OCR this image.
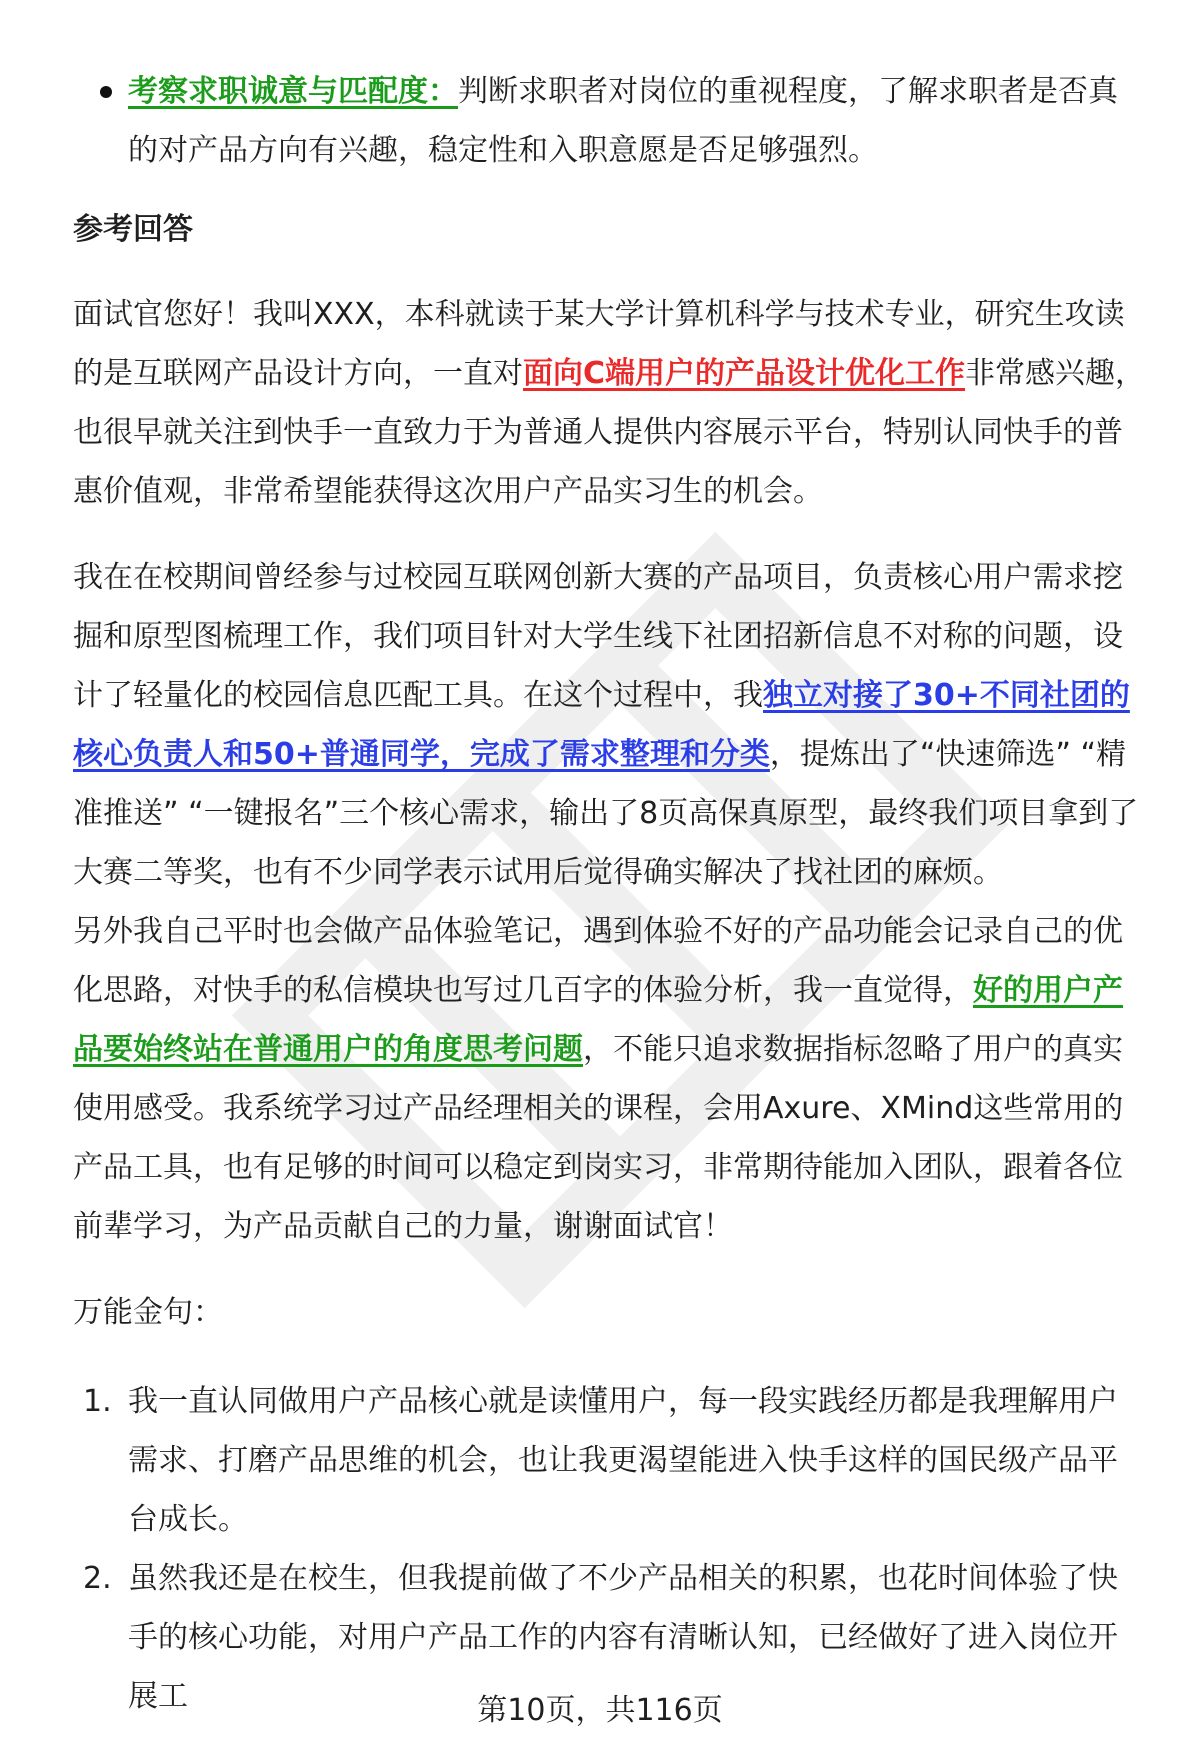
考察求职诚意与匹配度：判断求职者对岗位的重视程度，了解求职者是否真的对产品方向有兴趣，稳定性和入职意愿是否足够强烈。
参考回答

面试官您好！我叫XXX，本科就读于某大学计算机科学与技术专业，研究生攻读的是互联网产品设计方向，一直对面向C端用户的产品设计优化工作非常感兴趣，也很早就关注到快手一直致力于为普通人提供内容展示平台，特别认同快手的普惠价值观，非常希望能获得这次用户产品实习生的机会。

我在在校期间曾经参与过校园互联网创新大赛的产品项目，负责核心用户需求挖掘和原型图梳理工作，我们项目针对大学生线下社团招新信息不对称的问题，设计了轻量化的校园信息匹配工具。在这个过程中，我独立对接了30+不同社团的核心负责人和50+普通同学，完成了需求整理和分类，提炼出了“快速筛选” “精准推送” “一键报名”三个核心需求，输出了8页高保真原型，最终我们项目拿到了大赛二等奖，也有不少同学表示试用后觉得确实解决了找社团的麻烦。

另外我自己平时也会做产品体验笔记，遇到体验不好的产品功能会记录自己的优化思路，对快手的私信模块也写过几百字的体验分析，我一直觉得，好的用户产品要始终站在普通用户的角度思考问题，不能只追求数据指标忽略了用户的真实使用感受。我系统学习过产品经理相关的课程，会用Axure、XMind这些常用的产品工具，也有足够的时间可以稳定到岗实习，非常期待能加入团队，跟着各位前辈学习，为产品贡献自己的力量，谢谢面试官！

万能金句：

1. 我一直认同做用户产品核心就是读懂用户，每一段实践经历都是我理解用户需求、打磨产品思维的机会，也让我更渴望能进入快手这样的国民级产品平台成长。
2. 虽然我还是在校生，但我提前做了不少产品相关的积累，也花时间体验了快手的核心功能，对用户产品工作的内容有清晰认知，已经做好了进入岗位开展工	第10页，共116页
